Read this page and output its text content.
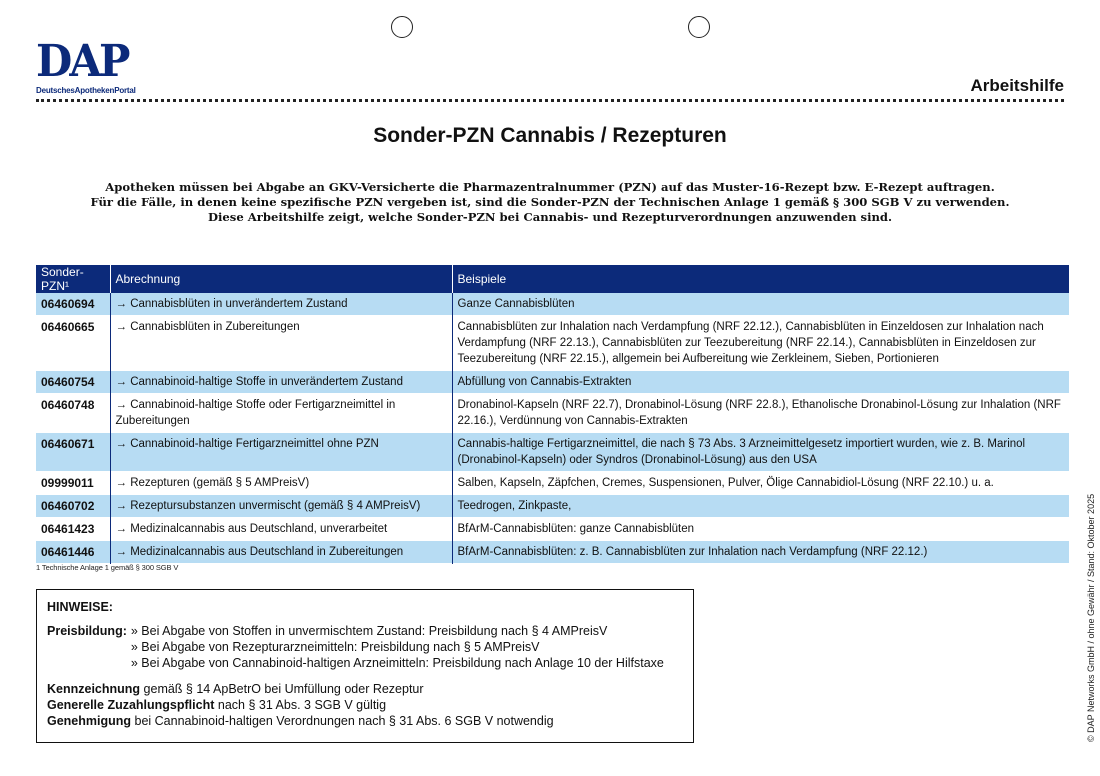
DAP
DeutschesApothekenPortal	Arbeitshilfe
Sonder-PZN Cannabis / Rezepturen

Apotheken müssen bei Abgabe an GKV-Versicherte die Pharmazentralnummer (PZN) auf das Muster-16-Rezept bzw. E-Rezept auftragen.

Für die Fälle, in denen keine spezifische PZN vergeben ist, sind die Sonder-PZN der Technischen Anlage 1 gemäß § 300 SGB V zu verwenden.

Diese Arbeitshilfe zeigt, welche Sonder-PZN bei Cannabis- und Rezepturverordnungen anzuwenden sind.

Sonder-PZN¹	Abrechnung	Beispiele
06460694	→ Cannabisblüten in unverändertem Zustand	Ganze Cannabisblüten
06460665	→ Cannabisblüten in Zubereitungen	Cannabisblüten zur Inhalation nach Verdampfung (NRF 22.12.), Cannabisblüten in Einzeldosen zur Inhalation nach Verdampfung (NRF 22.13.), Cannabisblüten zur Teezubereitung (NRF 22.14.), Cannabisblüten in Einzeldosen zur Teezubereitung (NRF 22.15.), allgemein bei Aufbereitung wie Zerkleinem, Sieben, Portionieren
06460754	→ Cannabinoid-haltige Stoffe in unverändertem Zustand	Abfüllung von Cannabis-Extrakten
06460748	→ Cannabinoid-haltige Stoffe oder Fertigarzneimittel in Zubereitungen	Dronabinol-Kapseln (NRF 22.7), Dronabinol-Lösung (NRF 22.8.), Ethanolische Dronabinol-Lösung zur Inhalation (NRF 22.16.), Verdünnung von Cannabis-Extrakten
06460671	→ Cannabinoid-haltige Fertigarzneimittel ohne PZN	Cannabis-haltige Fertigarzneimittel, die nach § 73 Abs. 3 Arzneimittelgesetz importiert wurden, wie z. B. Marinol (Dronabinol-Kapseln) oder Syndros (Dronabinol-Lösung) aus den USA
09999011	→ Rezepturen (gemäß § 5 AMPreisV)	Salben, Kapseln, Zäpfchen, Cremes, Suspensionen, Pulver, Ölige Cannabidiol-Lösung (NRF 22.10.) u. a.
06460702	→ Rezeptursubstanzen unvermischt (gemäß § 4 AMPreisV)	Teedrogen, Zinkpaste,
06461423	→ Medizinalcannabis aus Deutschland, unverarbeitet	BfArM-Cannabisblüten: ganze Cannabisblüten
06461446	→ Medizinalcannabis aus Deutschland in Zubereitungen	BfArM-Cannabisblüten: z. B. Cannabisblüten zur Inhalation nach Verdampfung (NRF 22.12.)
1 Technische Anlage 1 gemäß § 300 SGB V
HINWEISE:
Preisbildung: » Bei Abgabe von Stoffen in unvermischtem Zustand: Preisbildung nach § 4 AMPreisV
» Bei Abgabe von Rezepturarzneimitteln: Preisbildung nach § 5 AMPreisV
» Bei Abgabe von Cannabinoid-haltigen Arzneimitteln: Preisbildung nach Anlage 10 der Hilfstaxe
Kennzeichnung gemäß § 14 ApBetrO bei Umfüllung oder Rezeptur
Generelle Zuzahlungspflicht nach § 31 Abs. 3 SGB V gültig
Genehmigung bei Cannabinoid-haltigen Verordnungen nach § 31 Abs. 6 SGB V notwendig	© DAP Networks GmbH / ohne Gewähr / Stand: Oktober 2025
